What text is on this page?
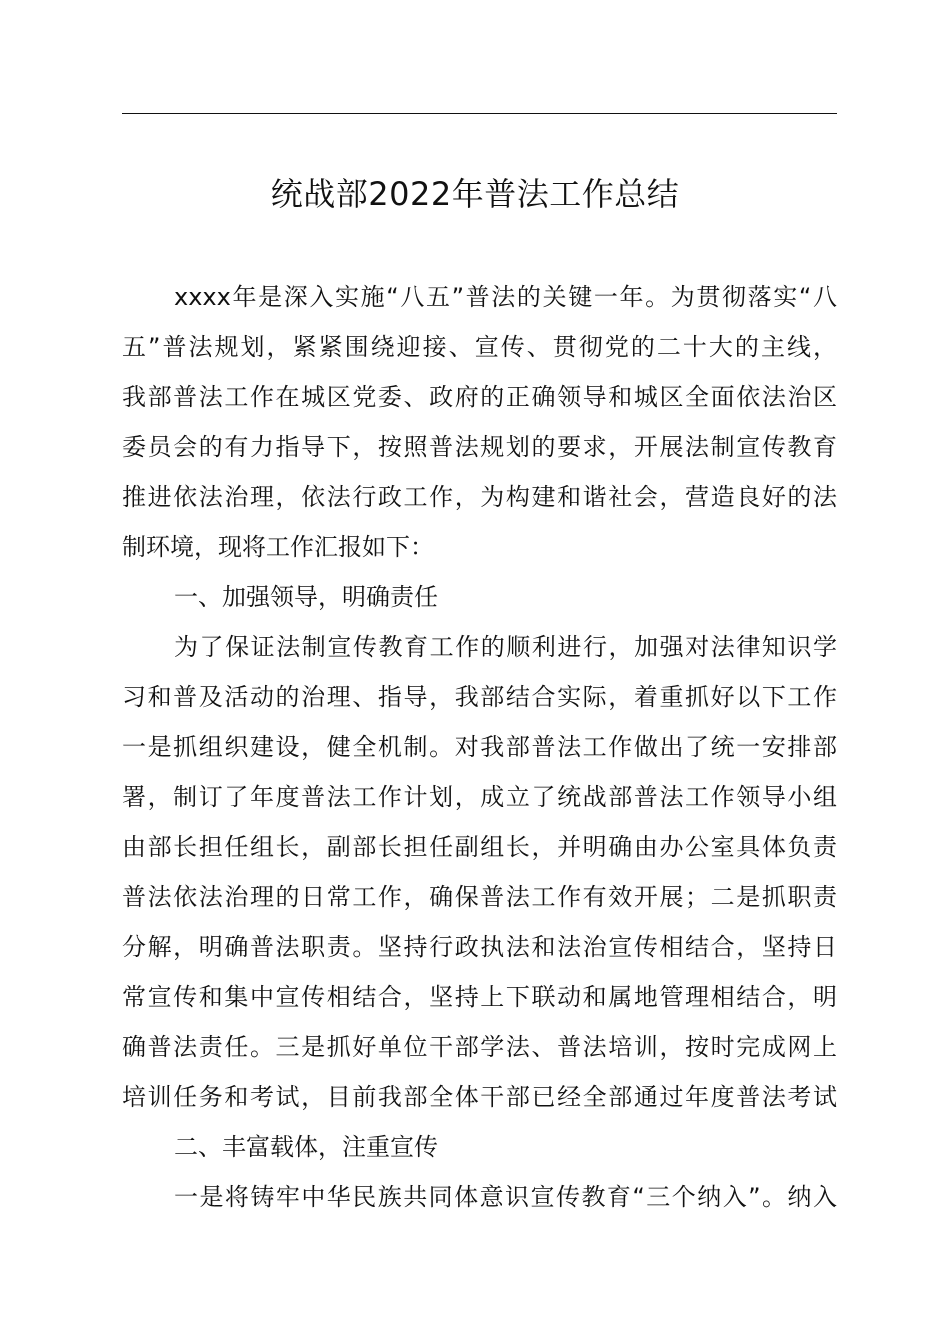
统战部2022年普法工作总结
xxxx年是深入实施“八五”普法的关键一年。为贯彻落实“八
五”普法规划，紧紧围绕迎接、宣传、贯彻党的二十大的主线，
我部普法工作在城区党委、政府的正确领导和城区全面依法治区
委员会的有力指导下，按照普法规划的要求，开展法制宣传教育
推进依法治理，依法行政工作，为构建和谐社会，营造良好的法
制环境，现将工作汇报如下：
一、加强领导，明确责任
为了保证法制宣传教育工作的顺利进行，加强对法律知识学
习和普及活动的治理、指导，我部结合实际，着重抓好以下工作
一是抓组织建设，健全机制。对我部普法工作做出了统一安排部
署，制订了年度普法工作计划，成立了统战部普法工作领导小组
由部长担任组长，副部长担任副组长，并明确由办公室具体负责
普法依法治理的日常工作，确保普法工作有效开展；二是抓职责
分解，明确普法职责。坚持行政执法和法治宣传相结合，坚持日
常宣传和集中宣传相结合，坚持上下联动和属地管理相结合，明
确普法责任。三是抓好单位干部学法、普法培训，按时完成网上
培训任务和考试，目前我部全体干部已经全部通过年度普法考试
二、丰富载体，注重宣传
一是将铸牢中华民族共同体意识宣传教育“三个纳入”。纳入
